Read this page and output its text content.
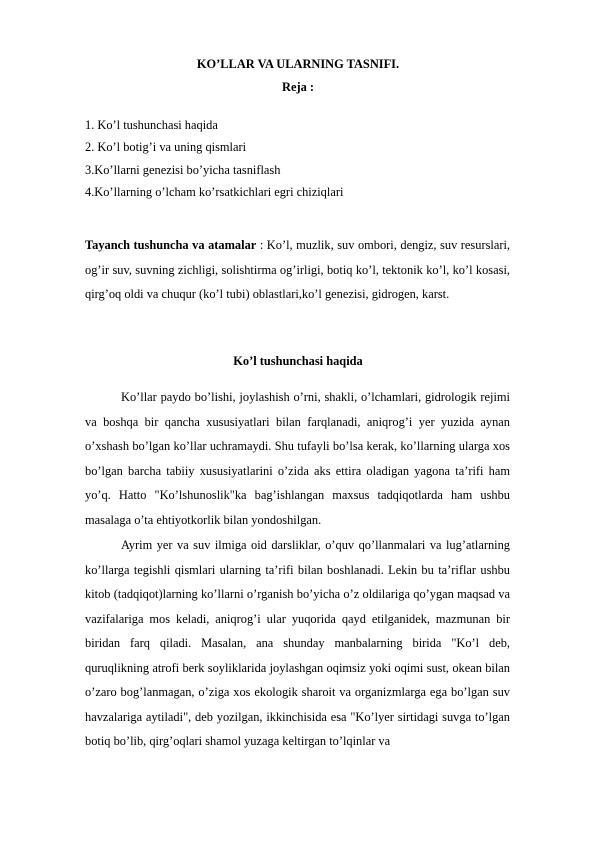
KO’LLAR VA ULARNING TASNIFI.
Reja :
1. Ko’l tushunchasi haqida
2. Ko’l botig’i va uning qismlari
3.Ko’llarni genezisi bo’yicha tasniflash
4.Ko’llarning o’lcham ko’rsatkichlari egri chiziqlari

Tayanch tushuncha va atamalar : Ko’l, muzlik, suv ombori, dengiz, suv resurslari, og’ir suv, suvning zichligi, solishtirma og’irligi, botiq ko’l, tektonik ko’l, ko’l kosasi, qirg’oq oldi va chuqur (ko’l tubi) oblastlari,ko’l genezisi, gidrogen, karst.

Ko’l tushunchasi haqida

Ko’llar paydo bo’lishi, joylashish o’rni, shakli, o’lchamlari, gidrologik rejimi va boshqa bir qancha xususiyatlari bilan farqlanadi, aniqrog’i yer yuzida aynan o’xshash bo’lgan ko’llar uchramaydi. Shu tufayli bo’lsa kerak, ko’llarning ularga xos bo’lgan barcha tabiiy xususiyatlarini o’zida aks ettira oladigan yagona ta’rifi ham yo’q. Hatto "Ko’lshunoslik"ka bag’ishlangan maxsus tadqiqotlarda ham ushbu masalaga o’ta ehtiyotkorlik bilan yondoshilgan.

Ayrim yer va suv ilmiga oid darsliklar, o’quv qo’llanmalari va lug’atlarning ko’llarga tegishli qismlari ularning ta’rifi bilan boshlanadi. Lekin bu ta’riflar ushbu kitob (tadqiqot)larning ko’llarni o’rganish bo’yicha o’z oldilariga qo’ygan maqsad va vazifalariga mos keladi, aniqrog’i ular yuqorida qayd etilganidek, mazmunan bir biridan farq qiladi. Masalan, ana shunday manbalarning birida "Ko’l deb, quruqlikning atrofi berk soyliklarida joylashgan oqimsiz yoki oqimi sust, okean bilan o’zaro bog’lanmagan, o’ziga xos ekologik sharoit va organizmlarga ega bo’lgan suv havzalariga aytiladi", deb yozilgan, ikkinchisida esa "Ko’lyer sirtidagi suvga to’lgan botiq bo’lib, qirg’oqlari shamol yuzaga keltirgan to’lqinlar va
